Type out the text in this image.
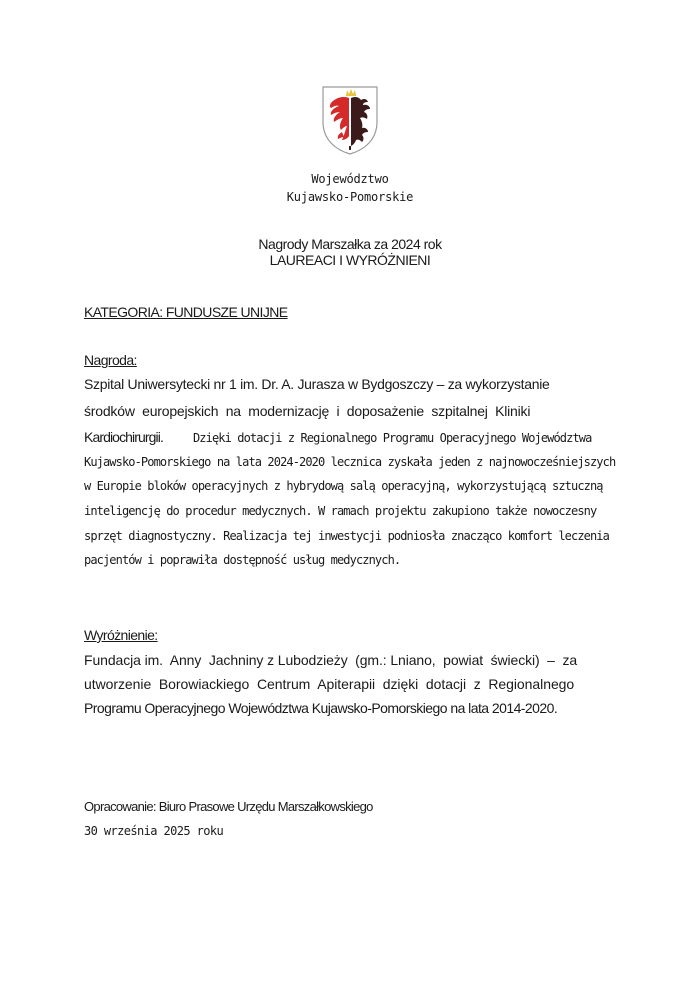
Województwo
Kujawsko-Pomorskie
Nagrody Marszałka za 2024 rok
LAUREACI I WYRÓŻNIENI
KATEGORIA: FUNDUSZE UNIJNE
Nagroda:
Szpital Uniwersytecki nr 1 im. Dr. A. Jurasza w Bydgoszczy – za wykorzystanie
środków  europejskich  na  modernizację  i  doposażenie  szpitalnej  Kliniki
Kardiochirurgii.	Dzięki dotacji z Regionalnego Programu Operacyjnego Województwa
Kujawsko-Pomorskiego na lata 2024-2020 lecznica zyskała jeden z najnowocześniejszych
w Europie bloków operacyjnych z hybrydową salą operacyjną, wykorzystującą sztuczną
inteligencję do procedur medycznych. W ramach projektu zakupiono także nowoczesny
sprzęt diagnostyczny. Realizacja tej inwestycji podniosła znacząco komfort leczenia
pacjentów i poprawiła dostępność usług medycznych.
Wyróżnienie:
Fundacja im.  Anny  Jachniny z Lubodzieży  (gm.: Lniano,  powiat  świecki)  –  za
utworzenie  Borowiackiego  Centrum  Apiterapii  dzięki  dotacji  z  Regionalnego
Programu Operacyjnego Województwa Kujawsko-Pomorskiego na lata 2014-2020.
Opracowanie: Biuro Prasowe Urzędu Marszałkowskiego
30 września 2025 roku
